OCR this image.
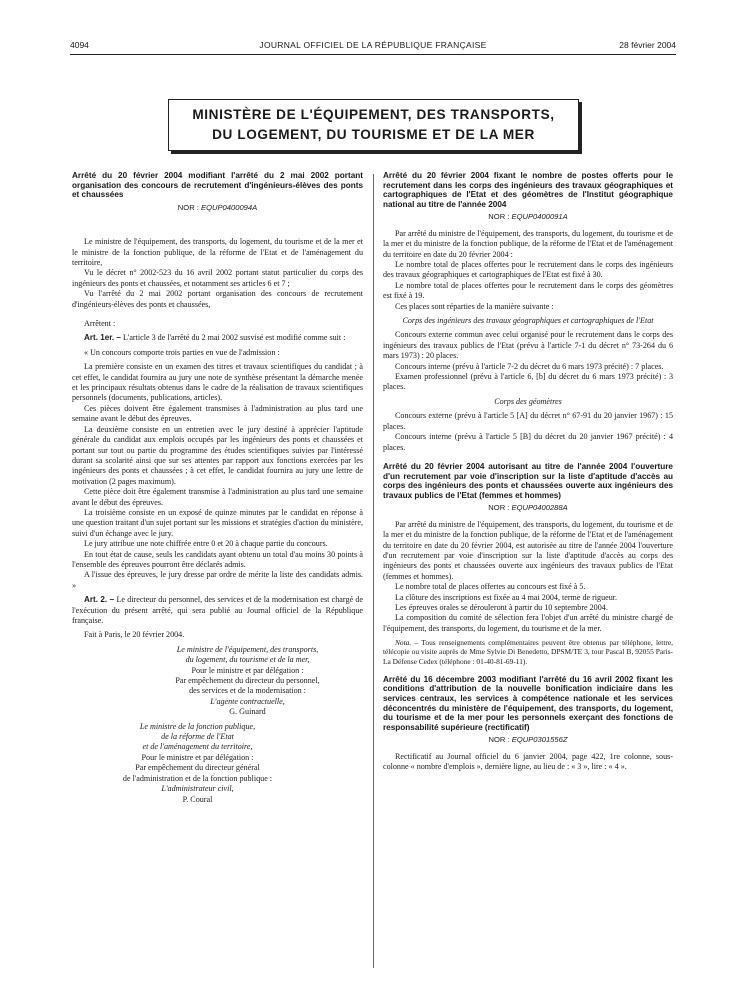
4094	JOURNAL OFFICIEL DE LA RÉPUBLIQUE FRANÇAISE	28 février 2004
MINISTÈRE DE L'ÉQUIPEMENT, DES TRANSPORTS,
DU LOGEMENT, DU TOURISME ET DE LA MER
Arrêté du 20 février 2004 modifiant l'arrêté du 2 mai 2002 portant organisation des concours de recrutement d'ingénieurs-élèves des ponts et chaussées
NOR : EQUP0400094A

Le ministre de l'équipement, des transports, du logement, du tourisme et de la mer et le ministre de la fonction publique, de la réforme de l'Etat et de l'aménagement du territoire,

Vu le décret n° 2002-523 du 16 avril 2002 portant statut particulier du corps des ingénieurs des ponts et chaussées, et notamment ses articles 6 et 7 ;

Vu l'arrêté du 2 mai 2002 portant organisation des concours de recrutement d'ingénieurs-élèves des ponts et chaussées,

Arrêtent :

Art. 1er. – L'article 3 de l'arrêté du 2 mai 2002 susvisé est modifié comme suit :

« Un concours comporte trois parties en vue de l'admission :

La première consiste en un examen des titres et travaux scientifiques du candidat ; à cet effet, le candidat fournira au jury une note de synthèse présentant la démarche menée et les principaux résultats obtenus dans le cadre de la réalisation de travaux scientifiques personnels (documents, publications, articles).

Ces pièces doivent être également transmises à l'administration au plus tard une semaine avant le début des épreuves.

La deuxième consiste en un entretien avec le jury destiné à apprécier l'aptitude générale du candidat aux emplois occupés par les ingénieurs des ponts et chaussées et portant sur tout ou partie du programme des études scientifiques suivies par l'intéressé durant sa scolarité ainsi que sur ses attentes par rapport aux fonctions exercées par les ingénieurs des ponts et chaussées ; à cet effet, le candidat fournira au jury une lettre de motivation (2 pages maximum).

Cette pièce doit être également transmise à l'administration au plus tard une semaine avant le début des épreuves.

La troisième consiste en un exposé de quinze minutes par le candidat en réponse à une question traitant d'un sujet portant sur les missions et stratégies d'action du ministère, suivi d'un échange avec le jury.

Le jury attribue une note chiffrée entre 0 et 20 à chaque partie du concours.

En tout état de cause, seuls les candidats ayant obtenu un total d'au moins 30 points à l'ensemble des épreuves pourront être déclarés admis.

A l'issue des épreuves, le jury dresse par ordre de mérite la liste des candidats admis. »

Art. 2. – Le directeur du personnel, des services et de la modernisation est chargé de l'exécution du présent arrêté, qui sera publié au Journal officiel de la République française.

Fait à Paris, le 20 février 2004.

Le ministre de l'équipement, des transports,

du logement, du tourisme et de la mer,

Pour le ministre et par délégation :

Par empêchement du directeur du personnel,

des services et de la modernisation :

L'agente contractuelle,

G. Guinard

Le ministre de la fonction publique,

de la réforme de l'Etat

et de l'aménagement du territoire,

Pour le ministre et par délégation :

Par empêchement du directeur général

de l'administration et de la fonction publique :

L'administrateur civil,

P. Coural

Arrêté du 20 février 2004 fixant le nombre de postes offerts pour le recrutement dans les corps des ingénieurs des travaux géographiques et cartographiques de l'Etat et des géomètres de l'Institut géographique national au titre de l'année 2004
NOR : EQUP0400091A

Par arrêté du ministre de l'équipement, des transports, du logement, du tourisme et de la mer et du ministre de la fonction publique, de la réforme de l'Etat et de l'aménagement du territoire en date du 20 février 2004 :

Le nombre total de places offertes pour le recrutement dans le corps des ingénieurs des travaux géographiques et cartographiques de l'Etat est fixé à 30.

Le nombre total de places offertes pour le recrutement dans le corps des géomètres est fixé à 19.

Ces places sont réparties de la manière suivante :

Corps des ingénieurs des travaux géographiques et cartographiques de l'Etat

Concours externe commun avec celui organisé pour le recrutement dans le corps des ingénieurs des travaux publics de l'Etat (prévu à l'article 7-1 du décret n° 73-264 du 6 mars 1973) : 20 places.

Concours interne (prévu à l'article 7-2 du décret du 6 mars 1973 précité) : 7 places.

Examen professionnel (prévu à l'article 6, [b] du décret du 6 mars 1973 précité) : 3 places.

Corps des géomètres

Concours externe (prévu à l'article 5 [A] du décret n° 67-91 du 20 janvier 1967) : 15 places.

Concours interne (prévu à l'article 5 [B] du décret du 20 janvier 1967 précité) : 4 places.

Arrêté du 20 février 2004 autorisant au titre de l'année 2004 l'ouverture d'un recrutement par voie d'inscription sur la liste d'aptitude d'accès au corps des ingénieurs des ponts et chaussées ouverte aux ingénieurs des travaux publics de l'Etat (femmes et hommes)
NOR : EQUP0400288A

Par arrêté du ministre de l'équipement, des transports, du logement, du tourisme et de la mer et du ministre de la fonction publique, de la réforme de l'Etat et de l'aménagement du territoire en date du 20 février 2004, est autorisée au titre de l'année 2004 l'ouverture d'un recrutement par voie d'inscription sur la liste d'aptitude d'accès au corps des ingénieurs des ponts et chaussées ouverte aux ingénieurs des travaux publics de l'Etat (femmes et hommes).

Le nombre total de places offertes au concours est fixé à 5.

La clôture des inscriptions est fixée au 4 mai 2004, terme de rigueur.

Les épreuves orales se dérouleront à partir du 10 septembre 2004.

La composition du comité de sélection fera l'objet d'un arrêté du ministre chargé de l'équipement, des transports, du logement, du tourisme et de la mer.

Nota. – Tous renseignements complémentaires peuvent être obtenus par téléphone, lettre, télécopie ou visite auprès de Mme Sylvie Di Benedetto, DPSM/TE 3, tour Pascal B, 92055 Paris-La Défense Cedex (téléphone : 01-40-81-69-11).

Arrêté du 16 décembre 2003 modifiant l'arrêté du 16 avril 2002 fixant les conditions d'attribution de la nouvelle bonification indiciaire dans les services centraux, les services à compétence nationale et les services déconcentrés du ministère de l'équipement, des transports, du logement, du tourisme et de la mer pour les personnels exerçant des fonctions de responsabilité supérieure (rectificatif)
NOR : EQUP0301556Z

Rectificatif au Journal officiel du 6 janvier 2004, page 422, 1re colonne, sous-colonne « nombre d'emplois », dernière ligne, au lieu de : « 3 », lire : « 4 ».
